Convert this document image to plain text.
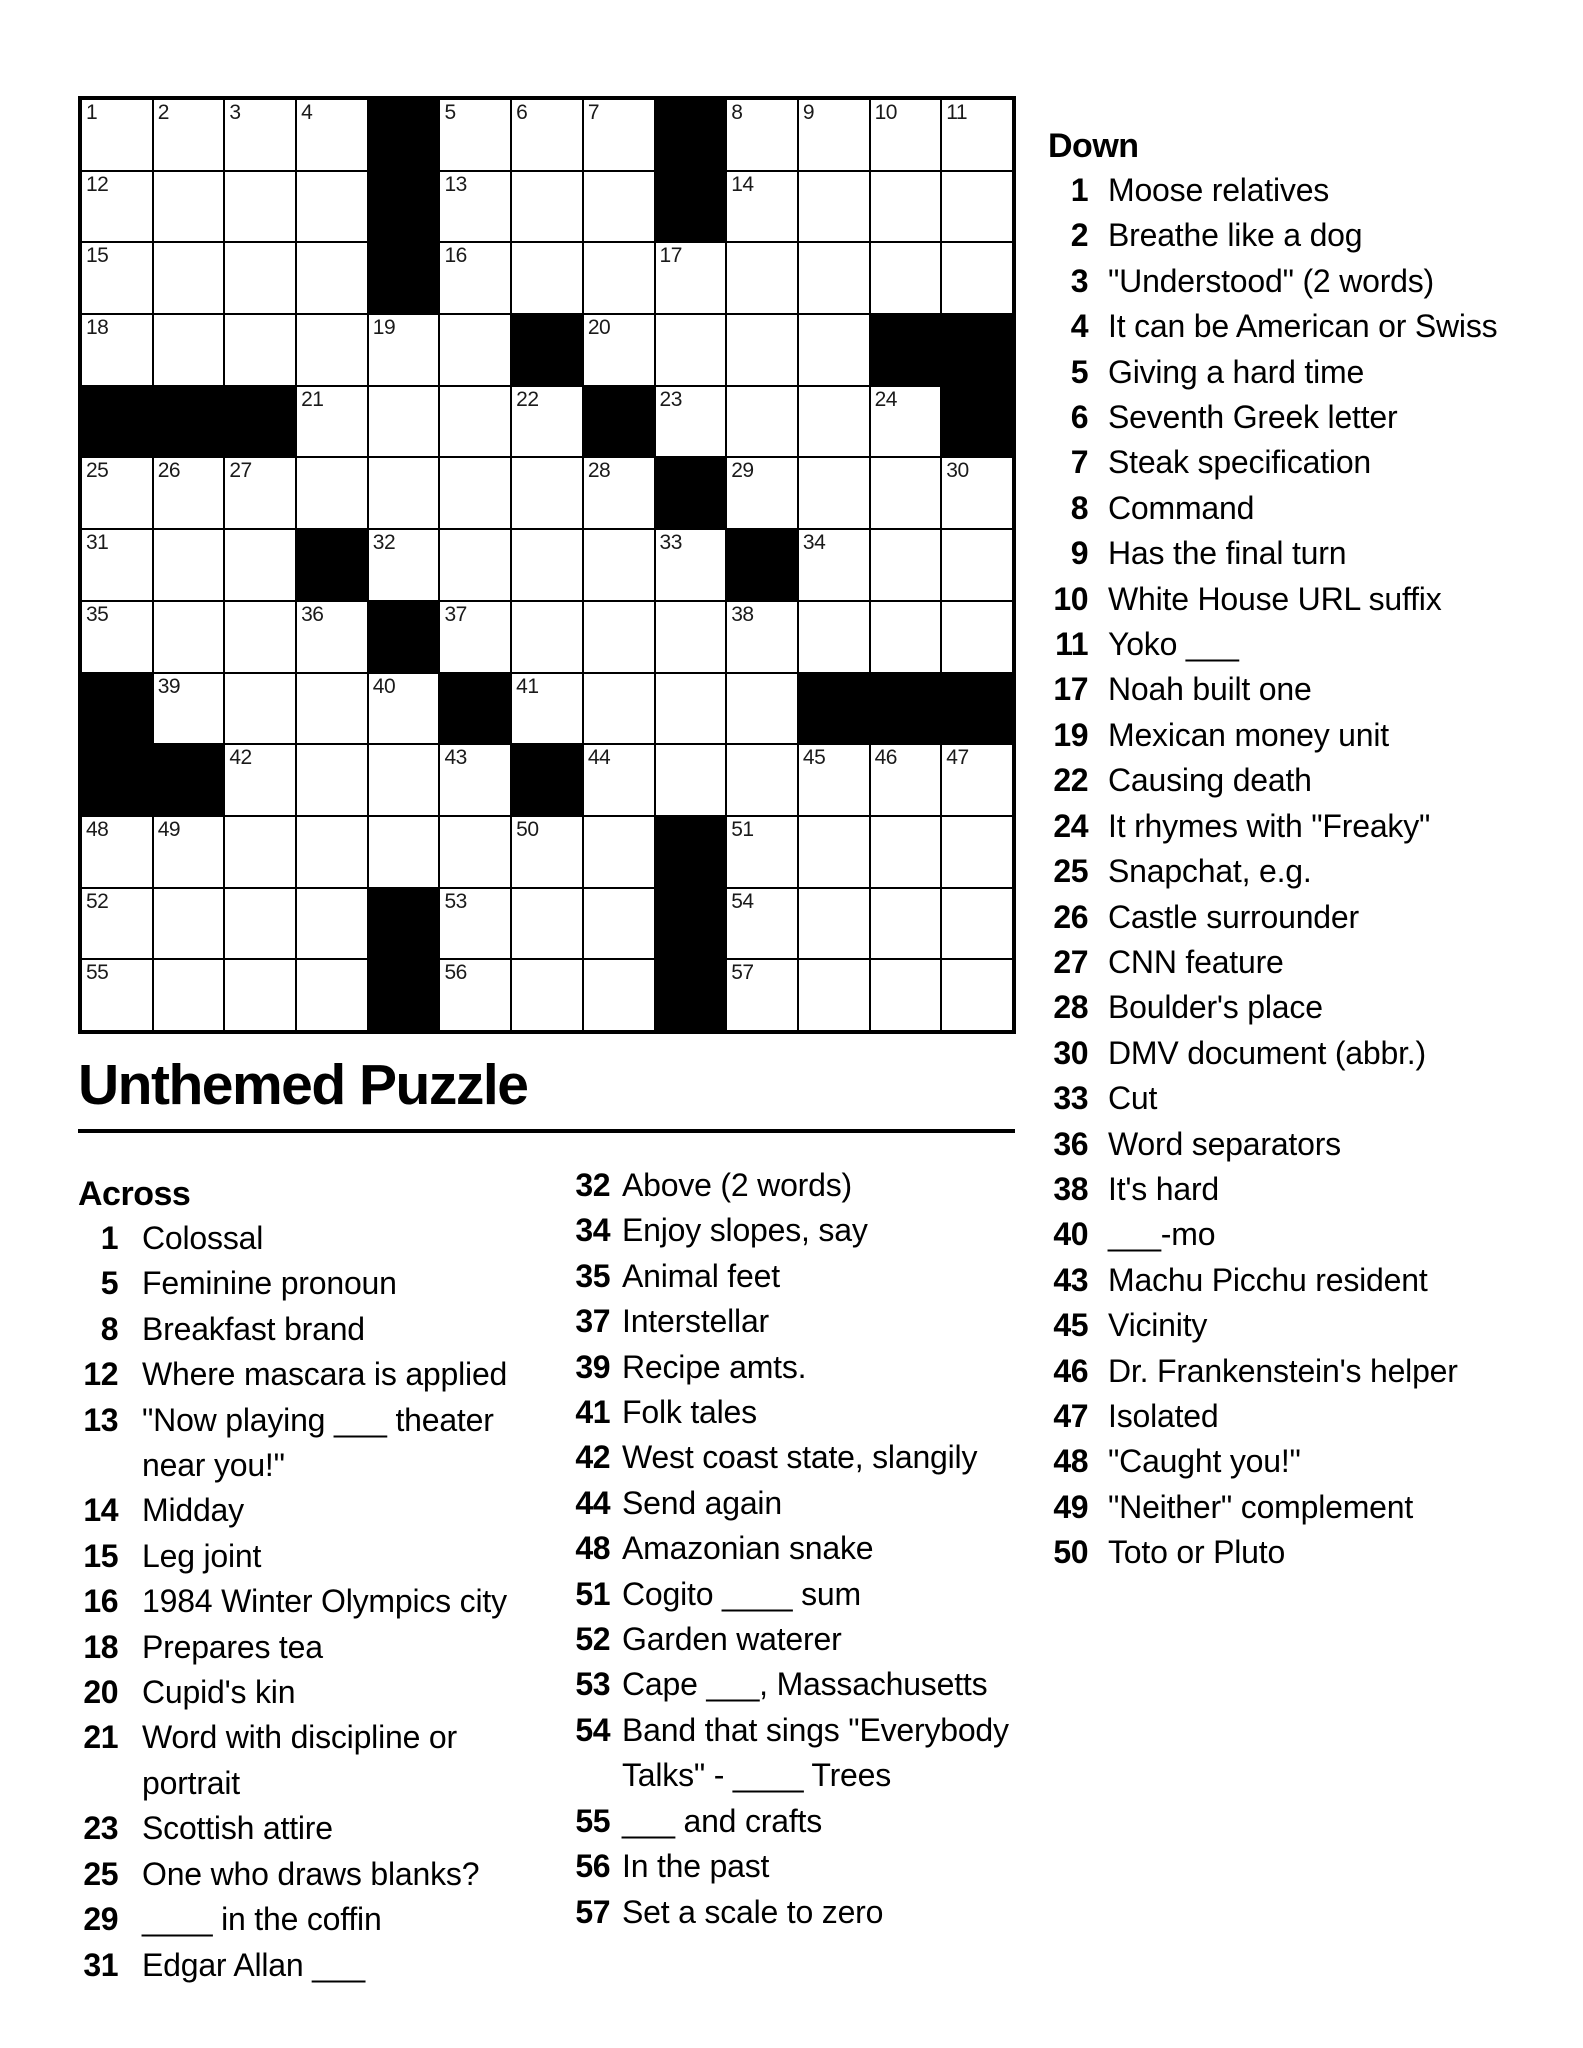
1	2	3	4	5	6	7	8	9	10 11
12	13	14
15	16	17
18	19	20
21	22	23	24
25 26 27	28	29	30
31	32	33	34
35	36	37	38
39	40	41
42	43	44	45 46 47
48 49	50	51
52	53	54
55	56	57
Unthemed Puzzle
Across
1 Colossal
5 Feminine pronoun
8 Breakfast brand
12 Where mascara is applied
13 "Now playing ___ theater near you!"
14 Midday
15 Leg joint
16 1984 Winter Olympics city
18 Prepares tea
20 Cupid's kin
21 Word with discipline or portrait
23 Scottish attire
25 One who draws blanks?
29 ____ in the coffin
31 Edgar Allan ___
32 Above (2 words)
34 Enjoy slopes, say
35 Animal feet
37 Interstellar
39 Recipe amts.
41 Folk tales
42 West coast state, slangily
44 Send again
48 Amazonian snake
51 Cogito ____ sum
52 Garden waterer
53 Cape ___, Massachusetts
54 Band that sings "Everybody Talks" - ____ Trees
55 ___ and crafts
56 In the past
57 Set a scale to zero
Down
1 Moose relatives
2 Breathe like a dog
3 "Understood" (2 words)
4 It can be American or Swiss
5 Giving a hard time
6 Seventh Greek letter
7 Steak specification
8 Command
9 Has the final turn
10 White House URL suffix
11 Yoko ___
17 Noah built one
19 Mexican money unit
22 Causing death
24 It rhymes with "Freaky"
25 Snapchat, e.g.
26 Castle surrounder
27 CNN feature
28 Boulder's place
30 DMV document (abbr.)
33 Cut
36 Word separators
38 It's hard
40 ___-mo
43 Machu Picchu resident
45 Vicinity
46 Dr. Frankenstein's helper
47 Isolated
48 "Caught you!"
49 "Neither" complement
50 Toto or Pluto
